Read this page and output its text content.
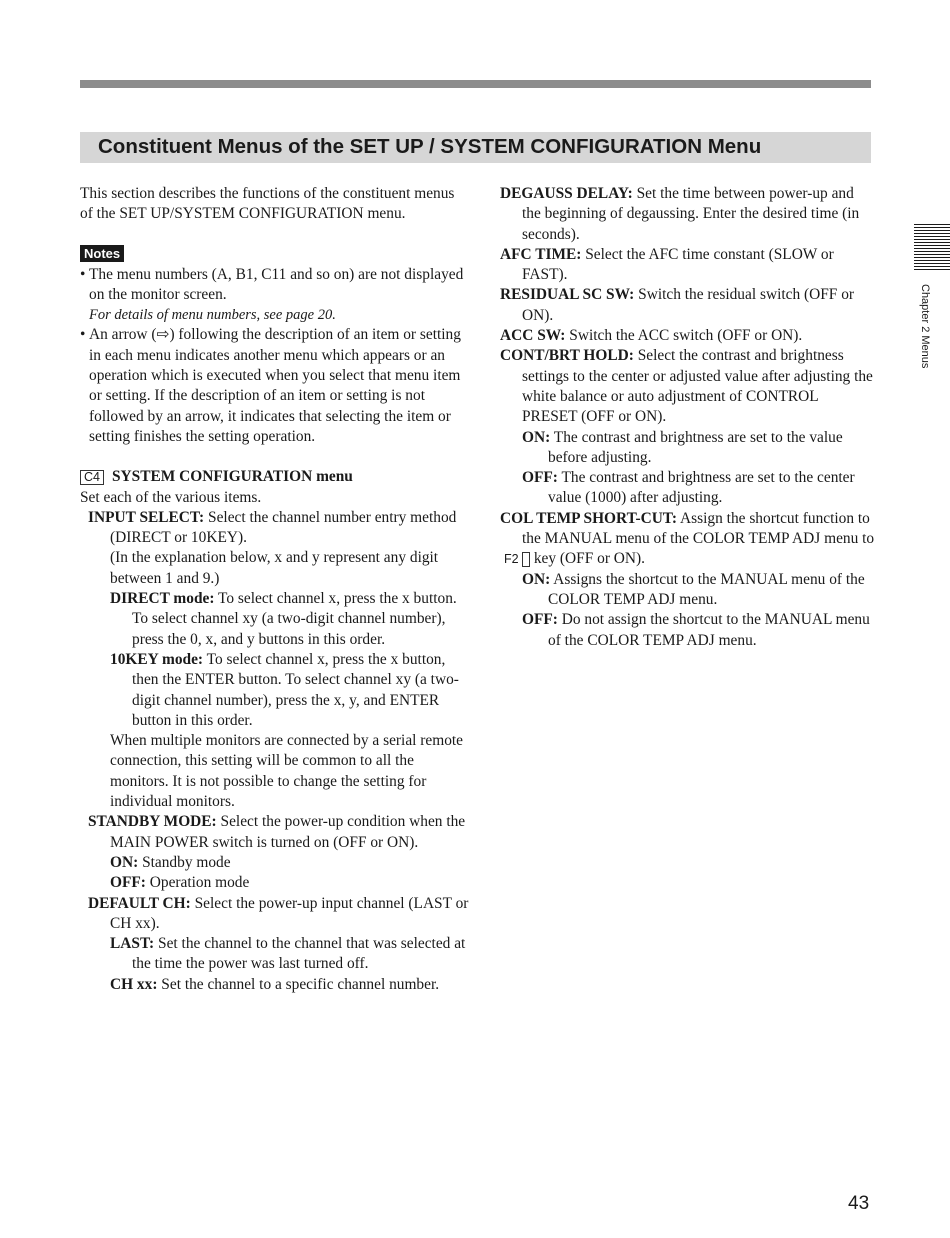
Constituent Menus of the SET UP / SYSTEM CONFIGURATION Menu

This section describes the functions of the constituent menus of the SET UP/SYSTEM CONFIGURATION menu.

Notes
• The menu numbers (A, B1, C11 and so on) are not displayed on the monitor screen.

For details of menu numbers, see page 20.

• An arrow (⇨) following the description of an item or setting in each menu indicates another menu which appears or an operation which is executed when you select that menu item or setting. If the description of an item or setting is not followed by an arrow, it indicates that selecting the item or setting finishes the setting operation.

C4 SYSTEM CONFIGURATION menu

Set each of the various items.

INPUT SELECT: Select the channel number entry method (DIRECT or 10KEY).

(In the explanation below, x and y represent any digit between 1 and 9.)

DIRECT mode: To select channel x, press the x button. To select channel xy (a two-digit channel number), press the 0, x, and y buttons in this order.

10KEY mode: To select channel x, press the x button, then the ENTER button. To select channel xy (a two-digit channel number), press the x, y, and ENTER button in this order.

When multiple monitors are connected by a serial remote connection, this setting will be common to all the monitors. It is not possible to change the setting for individual monitors.

STANDBY MODE: Select the power-up condition when the MAIN POWER switch is turned on (OFF or ON).

ON: Standby mode

OFF: Operation mode

DEFAULT CH: Select the power-up input channel (LAST or CH xx).

LAST: Set the channel to the channel that was selected at the time the power was last turned off.

CH xx: Set the channel to a specific channel number.

DEGAUSS DELAY: Set the time between power-up and the beginning of degaussing. Enter the desired time (in seconds).

AFC TIME: Select the AFC time constant (SLOW or FAST).

RESIDUAL SC SW: Switch the residual switch (OFF or ON).

ACC SW: Switch the ACC switch (OFF or ON).

CONT/BRT HOLD: Select the contrast and brightness settings to the center or adjusted value after adjusting the white balance or auto adjustment of CONTROL PRESET (OFF or ON).

ON: The contrast and brightness are set to the value before adjusting.

OFF: The contrast and brightness are set to the center value (1000) after adjusting.

COL TEMP SHORT-CUT: Assign the shortcut function to the MANUAL menu of the COLOR TEMP ADJ menu to F2 key (OFF or ON).

ON: Assigns the shortcut to the MANUAL menu of the COLOR TEMP ADJ menu.

OFF: Do not assign the shortcut to the MANUAL menu of the COLOR TEMP ADJ menu.

Chapter 2 Menus
43
